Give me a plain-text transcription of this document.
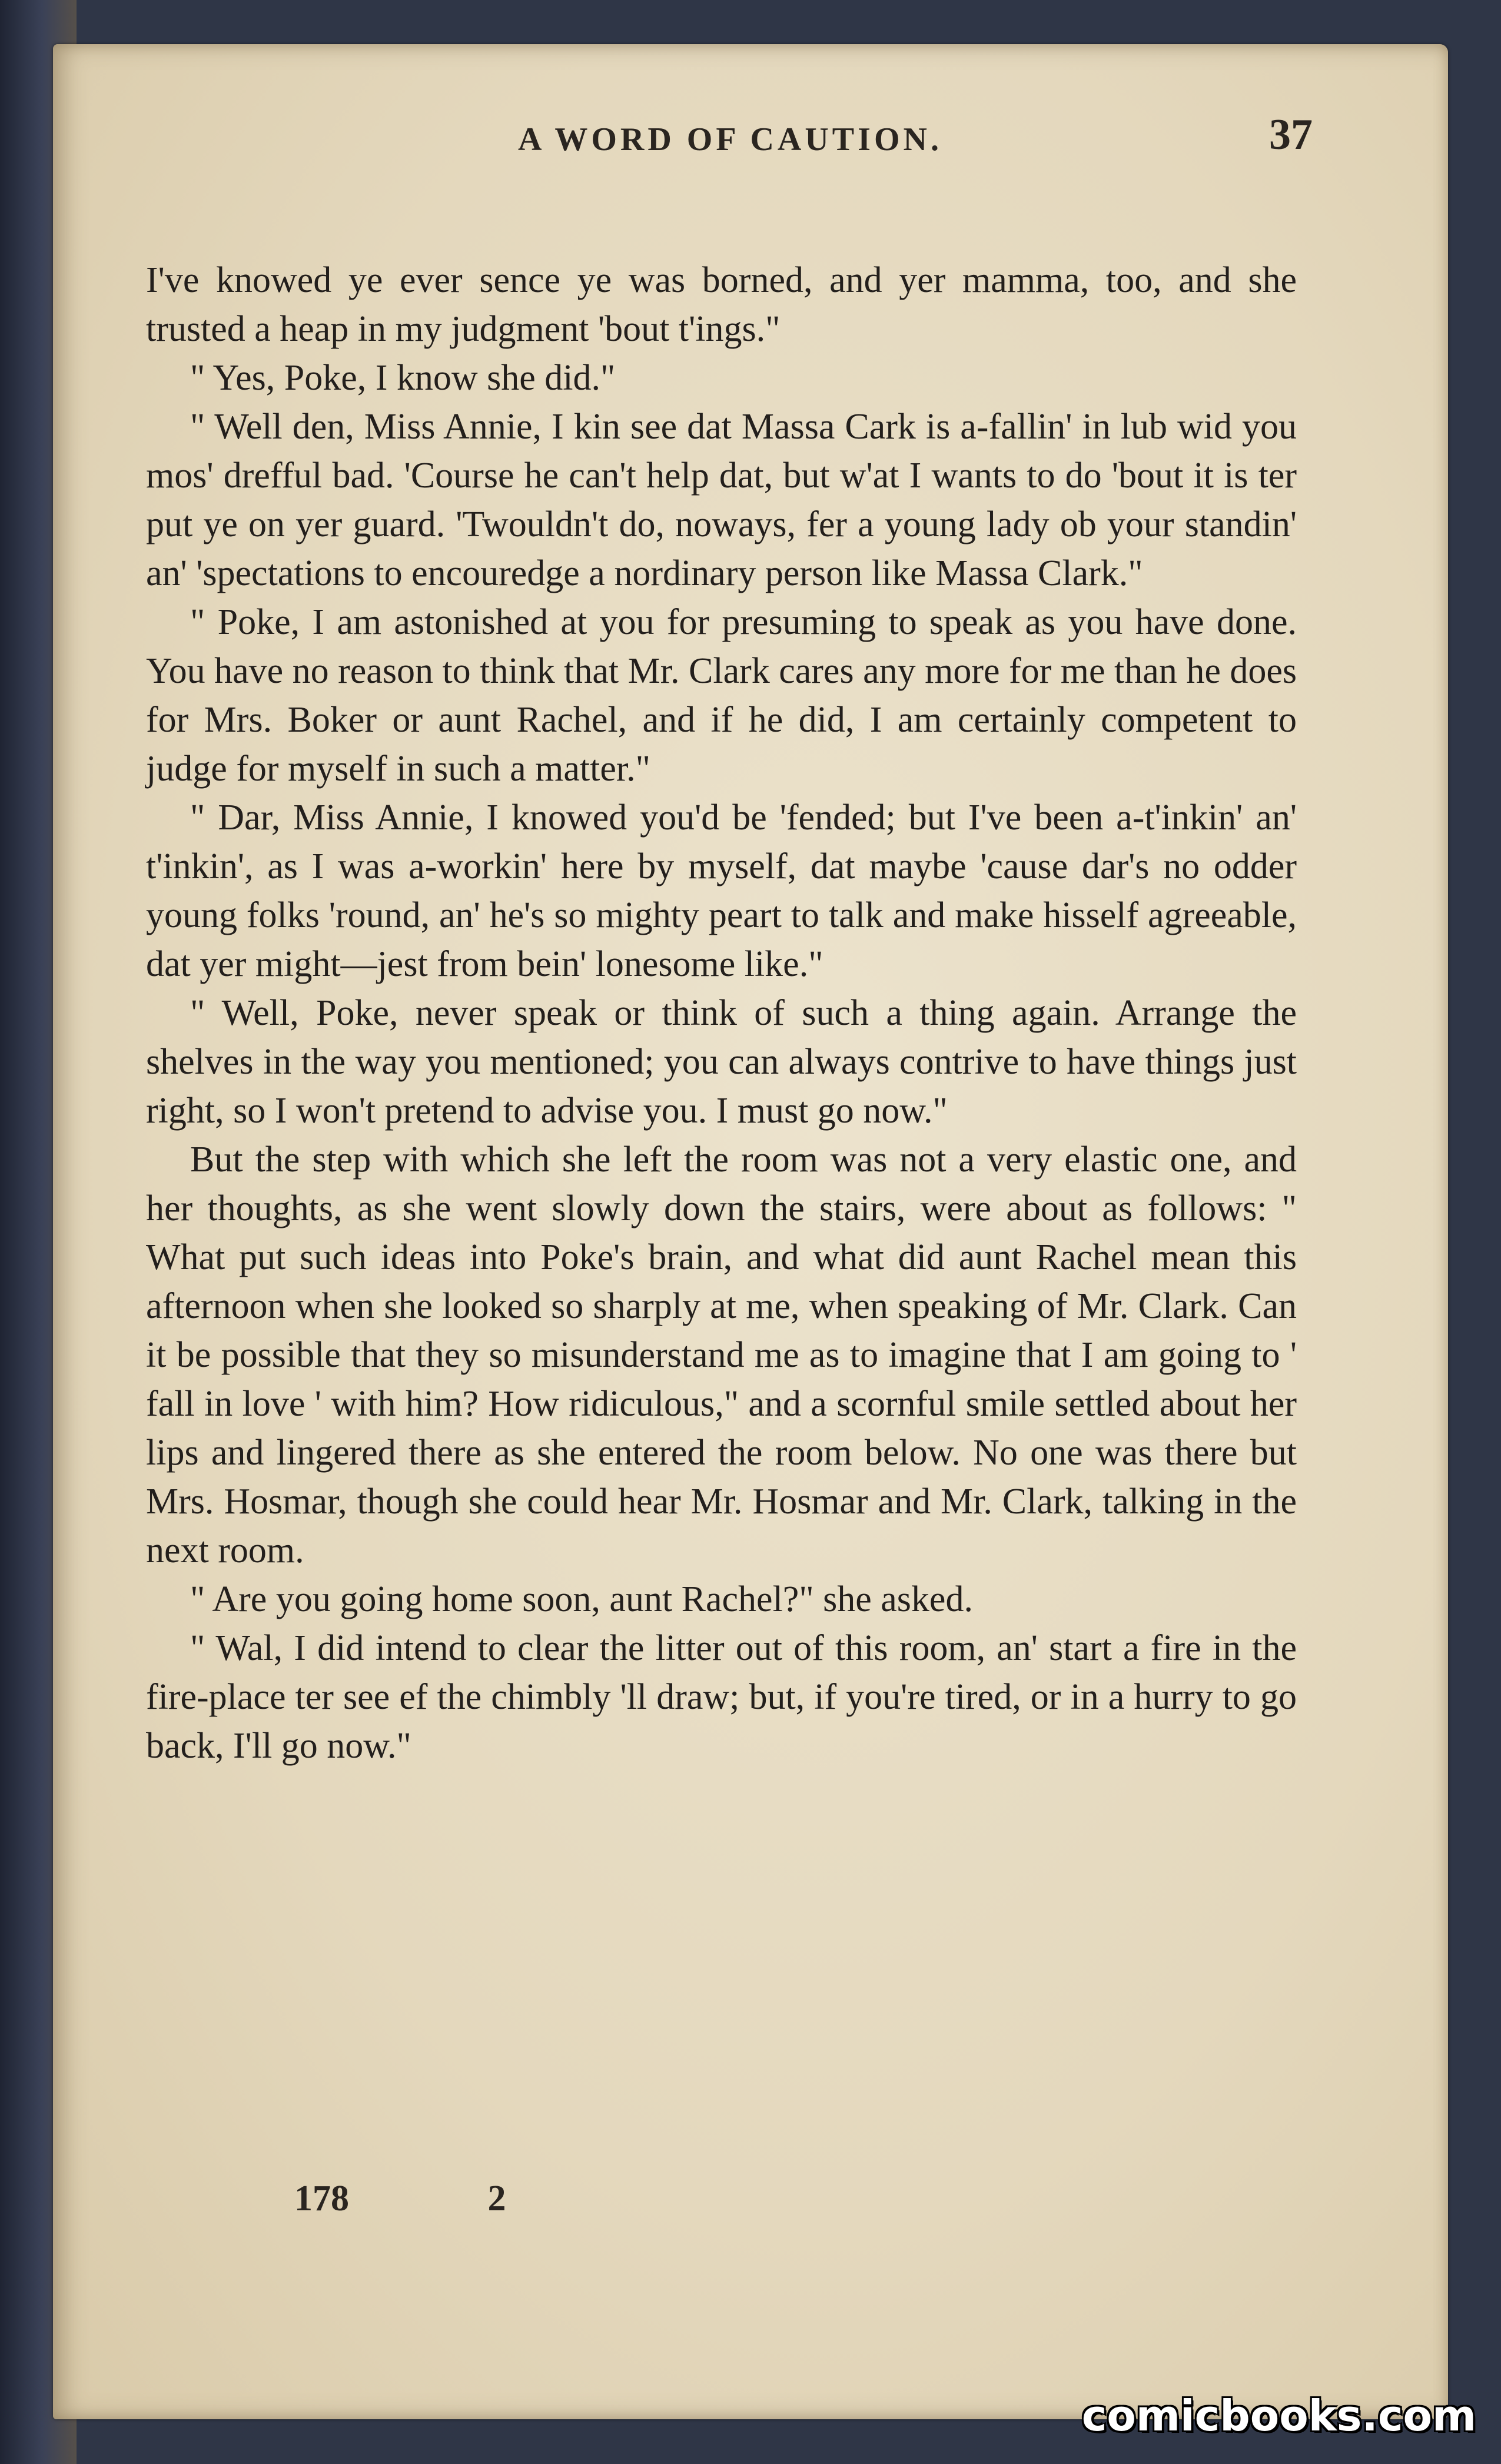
A WORD OF CAUTION.	37

I've knowed ye ever sence ye was borned, and yer mamma, too, and she trusted a heap in my judgment 'bout t'ings."

" Yes, Poke, I know she did."

" Well den, Miss Annie, I kin see dat Massa Cark is a-fallin' in lub wid you mos' drefful bad. 'Course he can't help dat, but w'at I wants to do 'bout it is ter put ye on yer guard. 'Twouldn't do, noways, fer a young lady ob your standin' an' 'spectations to encouredge a nordinary person like Massa Clark."

" Poke, I am astonished at you for presuming to speak as you have done. You have no reason to think that Mr. Clark cares any more for me than he does for Mrs. Boker or aunt Rachel, and if he did, I am certainly competent to judge for myself in such a matter."

" Dar, Miss Annie, I knowed you'd be 'fended; but I've been a-t'inkin' an' t'inkin', as I was a-workin' here by myself, dat maybe 'cause dar's no odder young folks 'round, an' he's so mighty peart to talk and make hisself agreeable, dat yer might—jest from bein' lonesome like."

" Well, Poke, never speak or think of such a thing again. Arrange the shelves in the way you mentioned; you can always contrive to have things just right, so I won't pretend to advise you. I must go now."

But the step with which she left the room was not a very elastic one, and her thoughts, as she went slowly down the stairs, were about as follows: " What put such ideas into Poke's brain, and what did aunt Rachel mean this afternoon when she looked so sharply at me, when speaking of Mr. Clark. Can it be possible that they so misunderstand me as to imagine that I am going to ' fall in love ' with him? How ridiculous," and a scornful smile settled about her lips and lingered there as she entered the room below. No one was there but Mrs. Hosmar, though she could hear Mr. Hosmar and Mr. Clark, talking in the next room.

" Are you going home soon, aunt Rachel?" she asked.

" Wal, I did intend to clear the litter out of this room, an' start a fire in the fire-place ter see ef the chimbly 'll draw; but, if you're tired, or in a hurry to go back, I'll go now."

178	2
comicbooks.com
